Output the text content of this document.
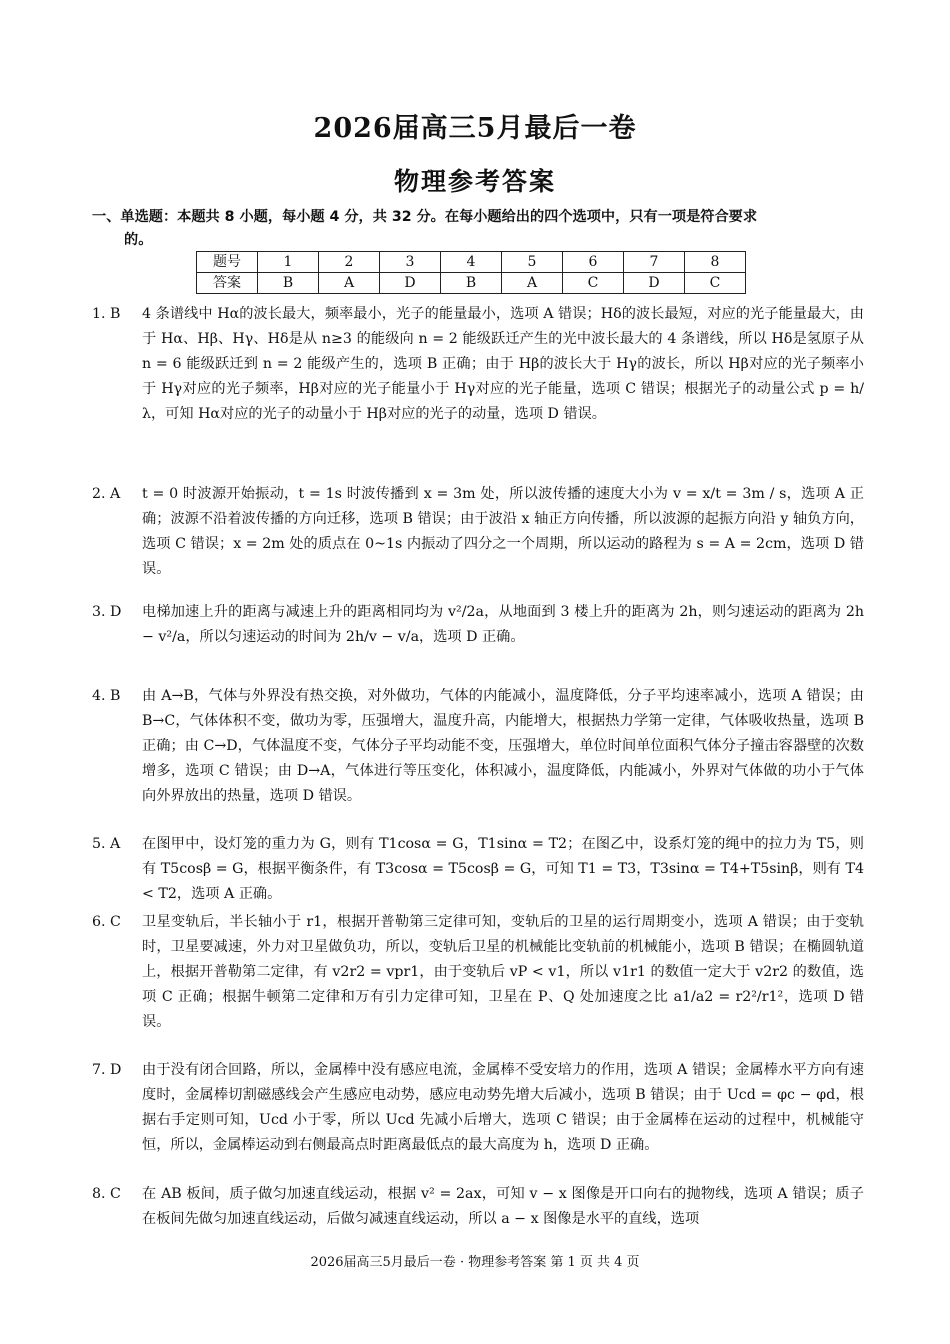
2026届高三5月最后一卷
物理参考答案
一、单选题：本题共 8 小题，每小题 4 分，共 32 分。在每小题给出的四个选项中，只有一项是符合要求
的。
题号	1	2	3	4	5	6	7	8
答案	B	A	D	B	A	C	D	C
1. B 4 条谱线中 Hα的波长最大，频率最小，光子的能量最小，选项 A 错误；Hδ的波长最短，对应的光子能量最大，由于 Hα、Hβ、Hγ、Hδ是从 n≥3 的能级向 n = 2 能级跃迁产生的光中波长最大的 4 条谱线，所以 Hδ是氢原子从 n = 6 能级跃迁到 n = 2 能级产生的，选项 B 正确；由于 Hβ的波长大于 Hγ的波长，所以 Hβ对应的光子频率小于 Hγ对应的光子频率，Hβ对应的光子能量小于 Hγ对应的光子能量，选项 C 错误；根据光子的动量公式 p = h/λ，可知 Hα对应的光子的动量小于 Hβ对应的光子的动量，选项 D 错误。
2. A t = 0 时波源开始振动，t = 1s 时波传播到 x = 3m 处，所以波传播的速度大小为 v = x/t = 3m / s，选项 A 正确；波源不沿着波传播的方向迁移，选项 B 错误；由于波沿 x 轴正方向传播，所以波源的起振方向沿 y 轴负方向，选项 C 错误；x = 2m 处的质点在 0~1s 内振动了四分之一个周期，所以运动的路程为 s = A = 2cm，选项 D 错误。
3. D 电梯加速上升的距离与减速上升的距离相同均为 v²/2a，从地面到 3 楼上升的距离为 2h，则匀速运动的距离为 2h − v²/a，所以匀速运动的时间为 2h/v − v/a，选项 D 正确。
4. B 由 A→B，气体与外界没有热交换，对外做功，气体的内能减小，温度降低，分子平均速率减小，选项 A 错误；由 B→C，气体体积不变，做功为零，压强增大，温度升高，内能增大，根据热力学第一定律，气体吸收热量，选项 B 正确；由 C→D，气体温度不变，气体分子平均动能不变，压强增大，单位时间单位面积气体分子撞击容器壁的次数增多，选项 C 错误；由 D→A，气体进行等压变化，体积减小，温度降低，内能减小，外界对气体做的功小于气体向外界放出的热量，选项 D 错误。
5. A 在图甲中，设灯笼的重力为 G，则有 T1cosα = G，T1sinα = T2；在图乙中，设系灯笼的绳中的拉力为 T5，则有 T5cosβ = G，根据平衡条件，有 T3cosα = T5cosβ = G，可知 T1 = T3，T3sinα = T4+T5sinβ，则有 T4 < T2，选项 A 正确。
6. C 卫星变轨后，半长轴小于 r1，根据开普勒第三定律可知，变轨后的卫星的运行周期变小，选项 A 错误；由于变轨时，卫星要减速，外力对卫星做负功，所以，变轨后卫星的机械能比变轨前的机械能小，选项 B 错误；在椭圆轨道上，根据开普勒第二定律，有 v2r2 = vpr1，由于变轨后 vP < v1，所以 v1r1 的数值一定大于 v2r2 的数值，选项 C 正确；根据牛顿第二定律和万有引力定律可知，卫星在 P、Q 处加速度之比 a1/a2 = r2²/r1²，选项 D 错误。
7. D 由于没有闭合回路，所以，金属棒中没有感应电流，金属棒不受安培力的作用，选项 A 错误；金属棒水平方向有速度时，金属棒切割磁感线会产生感应电动势，感应电动势先增大后减小，选项 B 错误；由于 Ucd = φc − φd，根据右手定则可知，Ucd 小于零，所以 Ucd 先减小后增大，选项 C 错误；由于金属棒在运动的过程中，机械能守恒，所以，金属棒运动到右侧最高点时距离最低点的最大高度为 h，选项 D 正确。
8. C 在 AB 板间，质子做匀加速直线运动，根据 v² = 2ax，可知 v − x 图像是开口向右的抛物线，选项 A 错误；质子在板间先做匀加速直线运动，后做匀减速直线运动，所以 a − x 图像是水平的直线，选项
2026届高三5月最后一卷 · 物理参考答案 第 1 页 共 4 页
